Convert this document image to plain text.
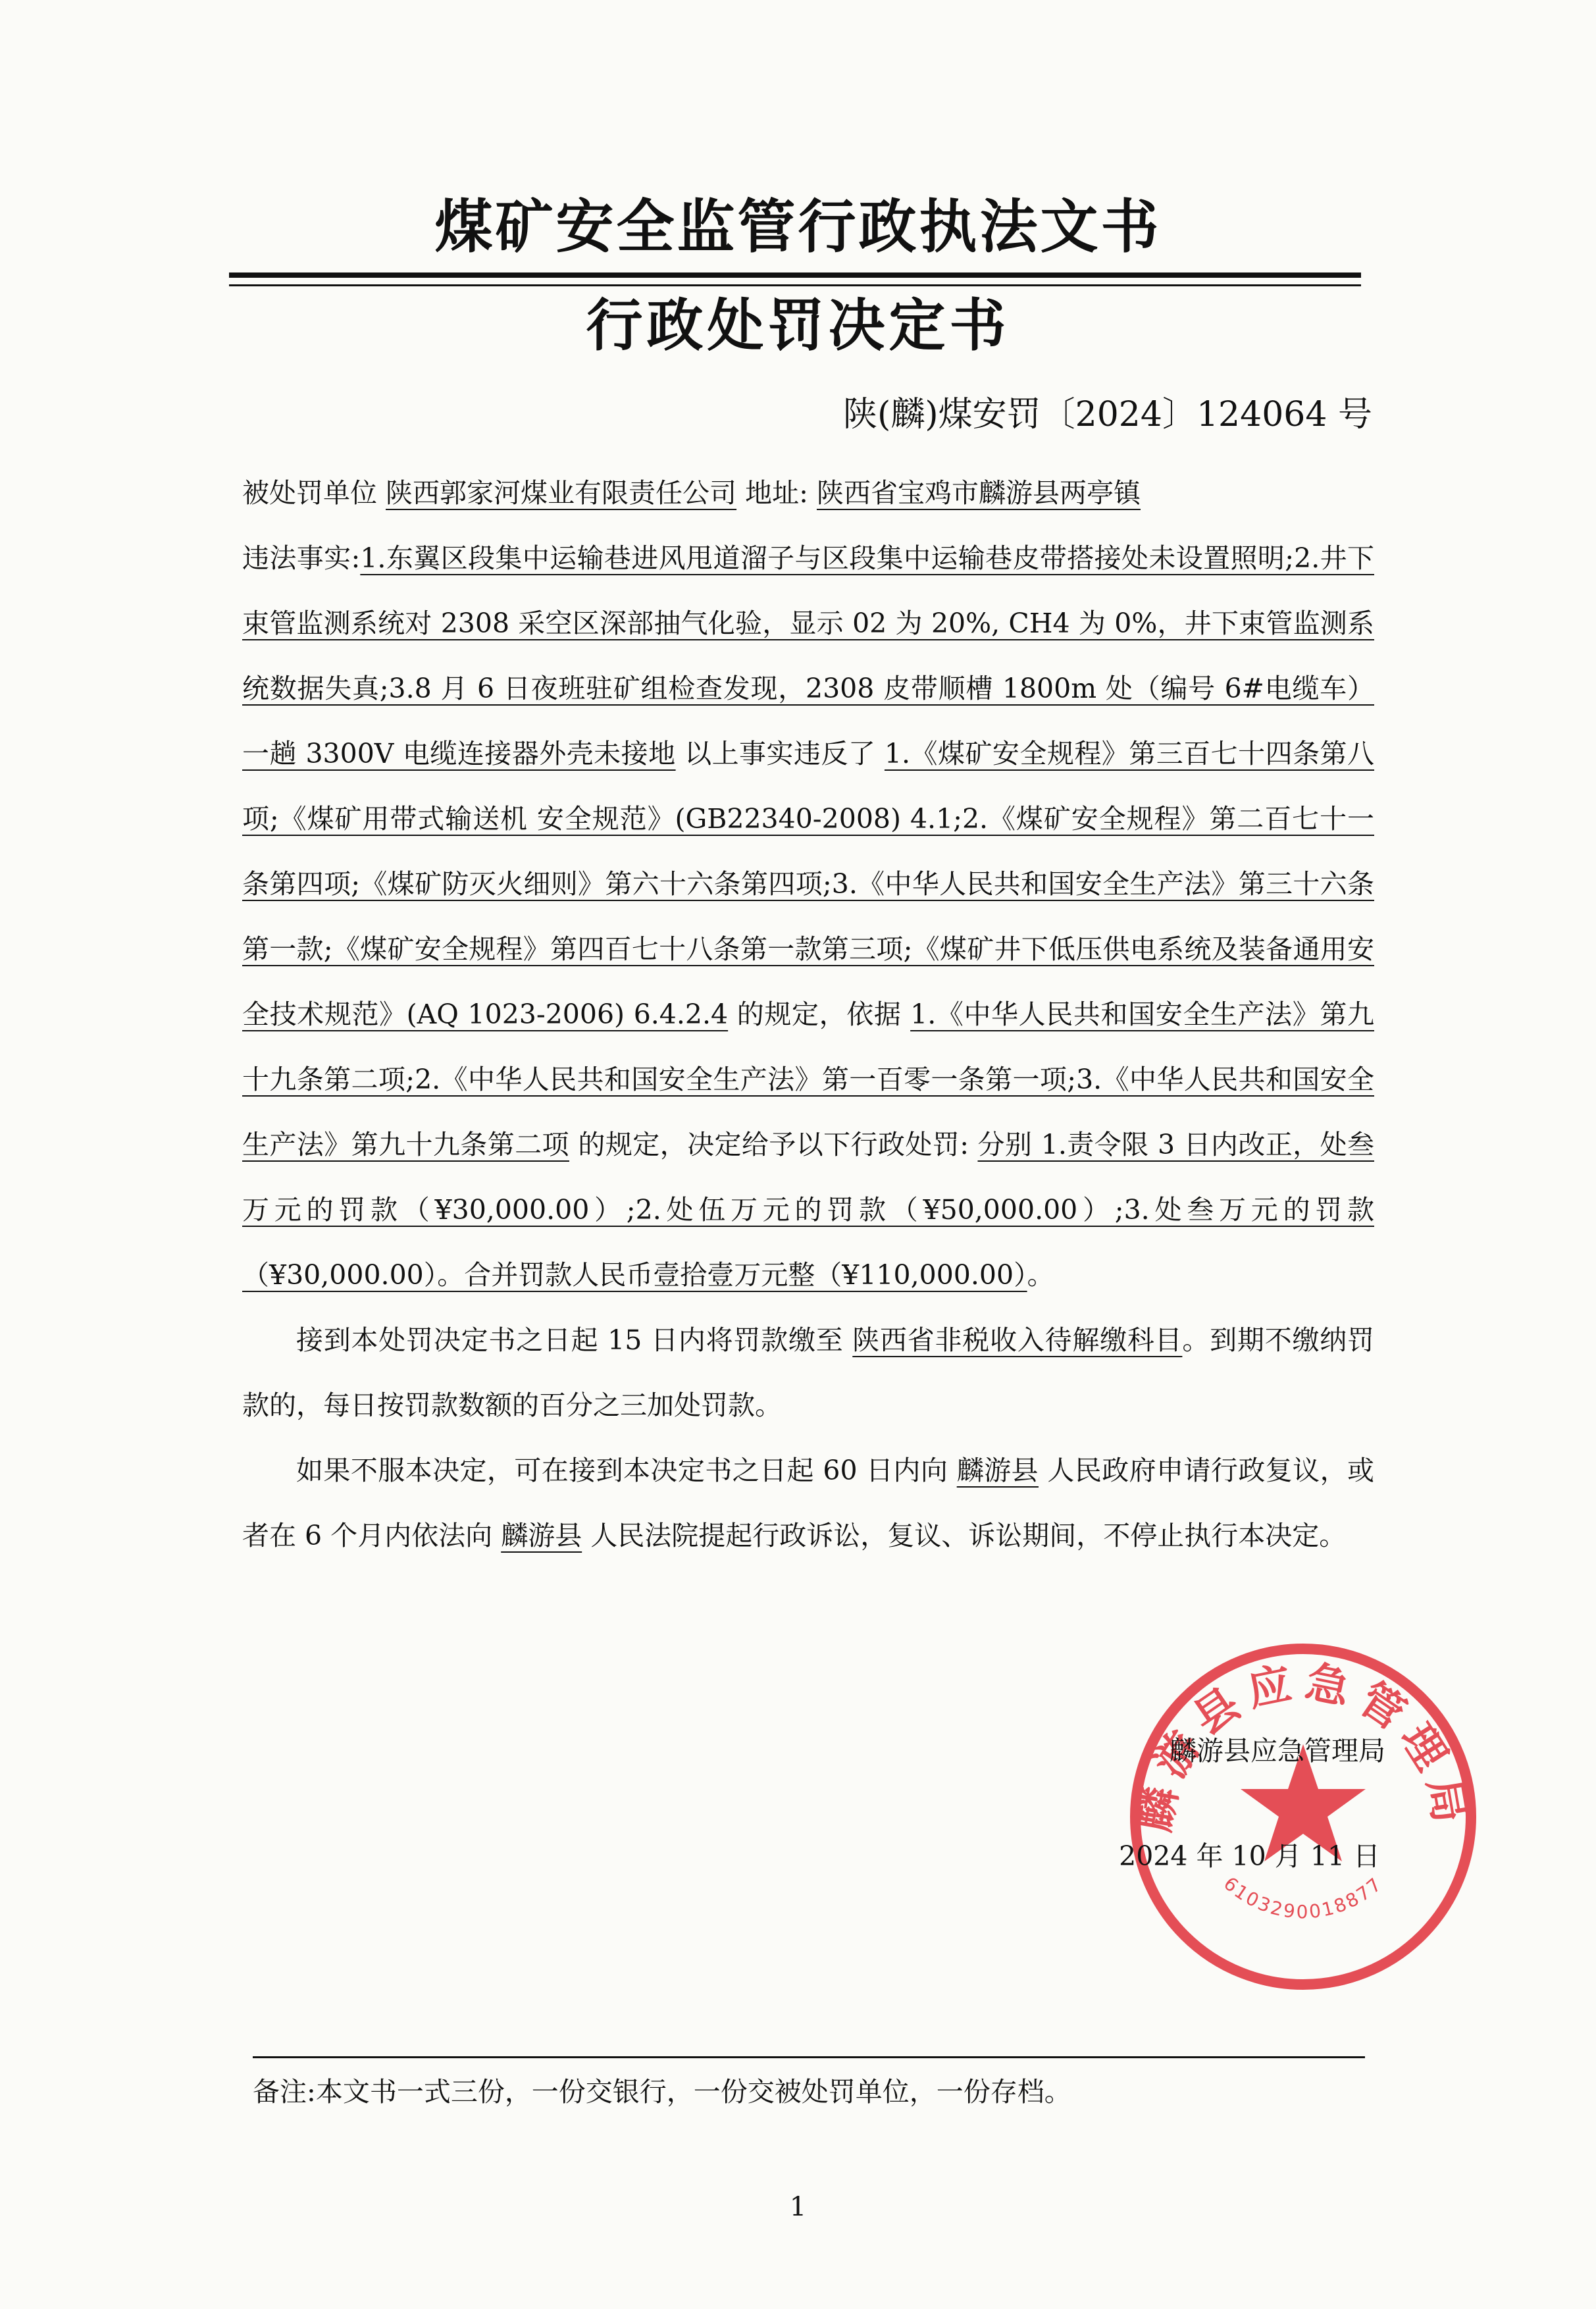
煤矿安全监管行政执法文书
行政处罚决定书
陕(麟)煤安罚〔2024〕124064 号

被处罚单位 陕西郭家河煤业有限责任公司 地址: 陕西省宝鸡市麟游县两亭镇

违法事实:1.东翼区段集中运输巷进风甩道溜子与区段集中运输巷皮带搭接处未设置照明;2.井下束管监测系统对 2308 采空区深部抽气化验，显示 02 为 20%, CH4 为 0%，井下束管监测系统数据失真;3.8 月 6 日夜班驻矿组检查发现，2308 皮带顺槽 1800m 处（编号 6#电缆车）一趟 3300V 电缆连接器外壳未接地 以上事实违反了 1.《煤矿安全规程》第三百七十四条第八项;《煤矿用带式输送机 安全规范》(GB22340-2008) 4.1;2.《煤矿安全规程》第二百七十一条第四项;《煤矿防灭火细则》第六十六条第四项;3.《中华人民共和国安全生产法》第三十六条第一款;《煤矿安全规程》第四百七十八条第一款第三项;《煤矿井下低压供电系统及装备通用安全技术规范》(AQ 1023-2006) 6.4.2.4 的规定，依据 1.《中华人民共和国安全生产法》第九十九条第二项;2.《中华人民共和国安全生产法》第一百零一条第一项;3.《中华人民共和国安全生产法》第九十九条第二项 的规定，决定给予以下行政处罚: 分别 1.责令限 3 日内改正，处叁万元的罚款（¥30,000.00）;2.处伍万元的罚款（¥50,000.00）;3.处叁万元的罚款（¥30,000.00）。合并罚款人民币壹拾壹万元整（¥110,000.00）。

接到本处罚决定书之日起 15 日内将罚款缴至 陕西省非税收入待解缴科目。到期不缴纳罚款的，每日按罚款数额的百分之三加处罚款。

如果不服本决定，可在接到本决定书之日起 60 日内向 麟游县 人民政府申请行政复议，或者在 6 个月内依法向 麟游县 人民法院提起行政诉讼，复议、诉讼期间，不停止执行本决定。

麟游县应急管理局
6103290018877
麟游县应急管理局
2024 年 10 月 11 日
备注:本文书一式三份，一份交银行，一份交被处罚单位，一份存档。
1
